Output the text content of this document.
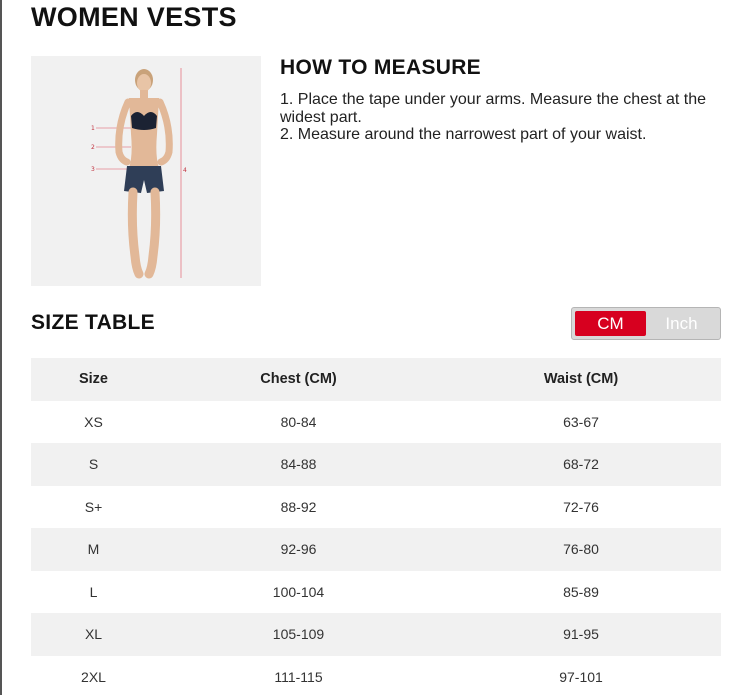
WOMEN VESTS
1
2
3	4
HOW TO MEASURE

1. Place the tape under your arms. Measure the chest at the widest part.

2. Measure around the narrowest part of your waist.

SIZE TABLE	CM	Inch
Size	Chest (CM)	Waist (CM)
XS	80-84	63-67
S	84-88	68-72
S+	88-92	72-76
M	92-96	76-80
L	100-104	85-89
XL	105-109	91-95
2XL	111-115	97-101
